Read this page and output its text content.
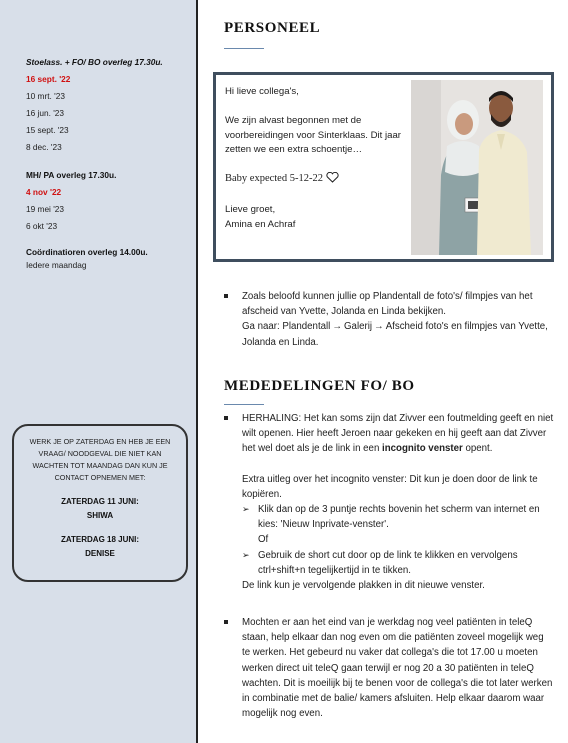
Stoelass. + FO/ BO overleg 17.30u.
16 sept. '22
10 mrt. '23
16 jun. '23
15 sept. '23
8 dec. '23
MH/ PA overleg 17.30u.
4 nov '22
19 mei '23
6 okt '23
Coördinatioren overleg 14.00u.
Iedere maandag
WERK JE OP ZATERDAG EN HEB JE EEN VRAAG/ NOODGEVAL DIE NIET KAN WACHTEN TOT MAANDAG DAN KUN JE CONTACT OPNEMEN MET:
ZATERDAG 11 JUNI:
SHIWA
ZATERDAG 18 JUNI:
DENISE
PERSONEEL

Hi lieve collega's,

We zijn alvast begonnen met de voorbereidingen voor Sinterklaas. Dit jaar zetten we een extra schoentje…

Baby expected 5-12-22

Lieve groet,
Amina en Achraf
Zoals beloofd kunnen jullie op Plandentall de foto's/ filmpjes van het afscheid van Yvette, Jolanda en Linda bekijken.
Ga naar: Plandentall → Galerij → Afscheid foto's en filmpjes van Yvette, Jolanda en Linda.
MEDEDELINGEN FO/ BO
HERHALING: Het kan soms zijn dat Zivver een foutmelding geeft en niet wilt openen. Hier heeft Jeroen naar gekeken en hij geeft aan dat Zivver het wel doet als je de link in een incognito venster opent.
Extra uitleg over het incognito venster: Dit kun je doen door de link te kopiëren.
➢ Klik dan op de 3 puntje rechts bovenin het scherm van internet en kies: 'Nieuw Inprivate-venster'.
Of
➢ Gebruik de short cut door op de link te klikken en vervolgens ctrl+shift+n tegelijkertijd in te tikken.
De link kun je vervolgende plakken in dit nieuwe venster.
Mochten er aan het eind van je werkdag nog veel patiënten in teleQ staan, help elkaar dan nog even om die patiënten zoveel mogelijk weg te werken. Het gebeurd nu vaker dat collega's die tot 17.00 u moeten werken direct uit teleQ gaan terwijl er nog 20 a 30 patiënten in teleQ wachten. Dit is moeilijk bij te benen voor de collega's die tot later werken in combinatie met de balie/ kamers afsluiten. Help elkaar daarom waar mogelijk nog even.
